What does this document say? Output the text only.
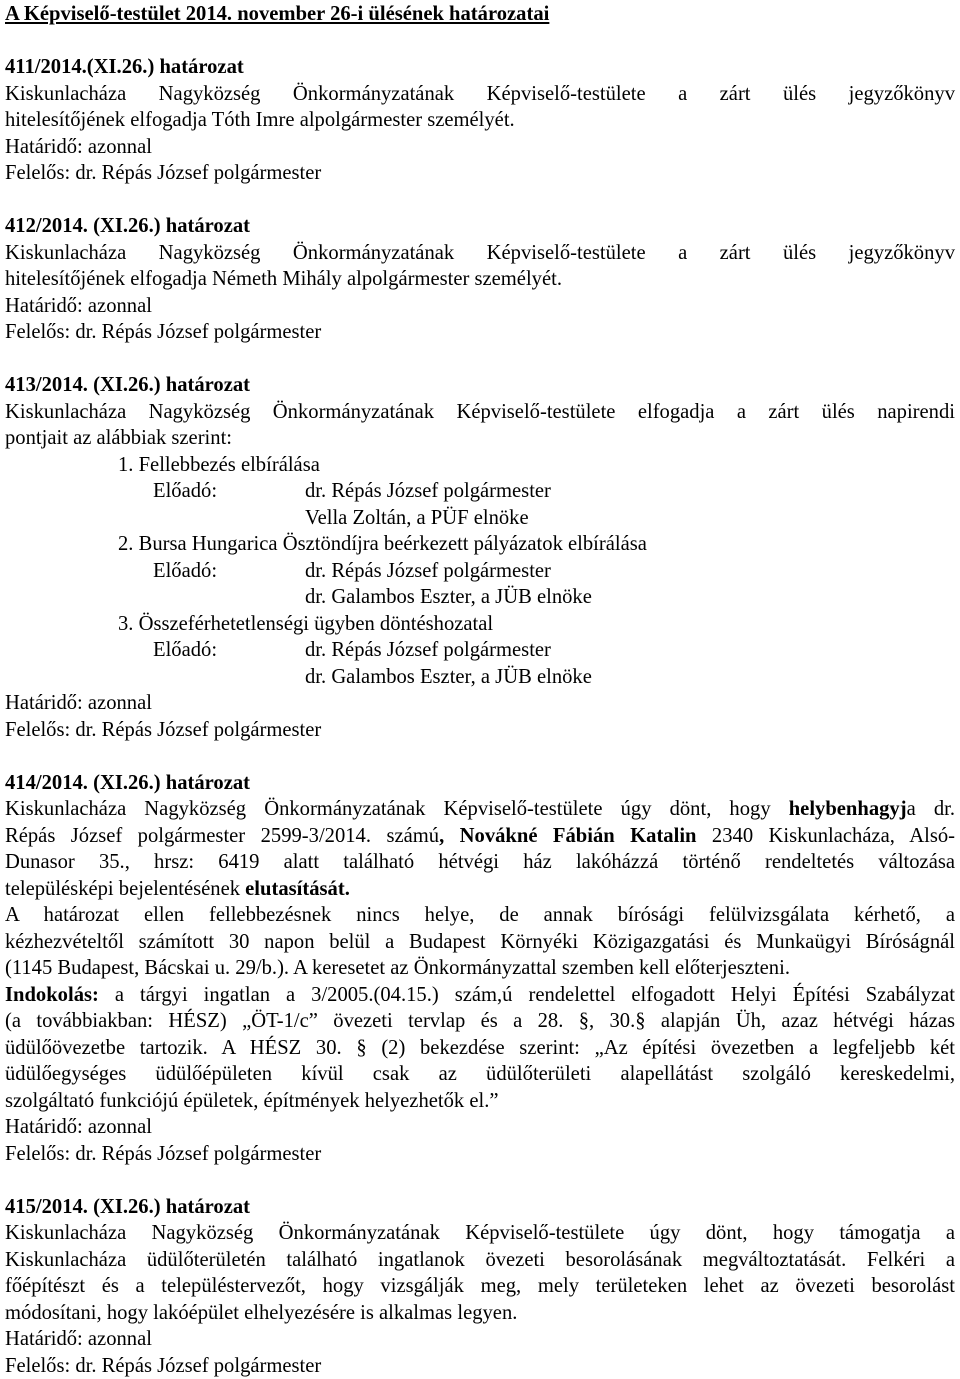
A Képviselő-testület 2014. november 26-i ülésének határozatai
411/2014.(XI.26.) határozat
Kiskunlacháza Nagyközség Önkormányzatának Képviselő-testülete a zárt ülés jegyzőkönyv
hitelesítőjének elfogadja Tóth Imre alpolgármester személyét.
Határidő: azonnal
Felelős: dr. Répás József polgármester
412/2014. (XI.26.) határozat
Kiskunlacháza Nagyközség Önkormányzatának Képviselő-testülete a zárt ülés jegyzőkönyv
hitelesítőjének elfogadja Németh Mihály alpolgármester személyét.
Határidő: azonnal
Felelős: dr. Répás József polgármester
413/2014. (XI.26.) határozat
Kiskunlacháza Nagyközség Önkormányzatának Képviselő-testülete elfogadja a zárt ülés napirendi
pontjait az alábbiak szerint:
1. Fellebbezés elbírálása
Előadó:	dr. Répás József polgármester
Vella Zoltán, a PÜF elnöke
2. Bursa Hungarica Ösztöndíjra beérkezett pályázatok elbírálása
Előadó:	dr. Répás József polgármester
dr. Galambos Eszter, a JÜB elnöke
3. Összeférhetetlenségi ügyben döntéshozatal
Előadó:	dr. Répás József polgármester
dr. Galambos Eszter, a JÜB elnöke
Határidő: azonnal
Felelős: dr. Répás József polgármester
414/2014. (XI.26.) határozat
Kiskunlacháza Nagyközség Önkormányzatának Képviselő-testülete úgy dönt, hogy helybenhagyja dr.
Répás József polgármester 2599-3/2014. számú, Novákné Fábián Katalin 2340 Kiskunlacháza, Alsó-
Dunasor 35., hrsz: 6419 alatt található hétvégi ház lakóházzá történő rendeltetés változása
településképi bejelentésének elutasítását.
A határozat ellen fellebbezésnek nincs helye, de annak bírósági felülvizsgálata kérhető, a
kézhezvételtől számított 30 napon belül a Budapest Környéki Közigazgatási és Munkaügyi Bíróságnál
(1145 Budapest, Bácskai u. 29/b.). A keresetet az Önkormányzattal szemben kell előterjeszteni.
Indokolás: a tárgyi ingatlan a 3/2005.(04.15.) szám,ú rendelettel elfogadott Helyi Építési Szabályzat
(a továbbiakban: HÉSZ) „ÖT-1/c” övezeti tervlap és a 28. §, 30.§ alapján Üh, azaz hétvégi házas
üdülőövezetbe tartozik. A HÉSZ 30. § (2) bekezdése szerint: „Az építési övezetben a legfeljebb két
üdülőegységes üdülőépületen kívül csak az üdülőterületi alapellátást szolgáló kereskedelmi,
szolgáltató funkciójú épületek, építmények helyezhetők el.”
Határidő: azonnal
Felelős: dr. Répás József polgármester
415/2014. (XI.26.) határozat
Kiskunlacháza Nagyközség Önkormányzatának Képviselő-testülete úgy dönt, hogy támogatja a
Kiskunlacháza üdülőterületén található ingatlanok övezeti besorolásának megváltoztatását. Felkéri a
főépítészt és a településtervezőt, hogy vizsgálják meg, mely területeken lehet az övezeti besorolást
módosítani, hogy lakóépület elhelyezésére is alkalmas legyen.
Határidő: azonnal
Felelős: dr. Répás József polgármester
